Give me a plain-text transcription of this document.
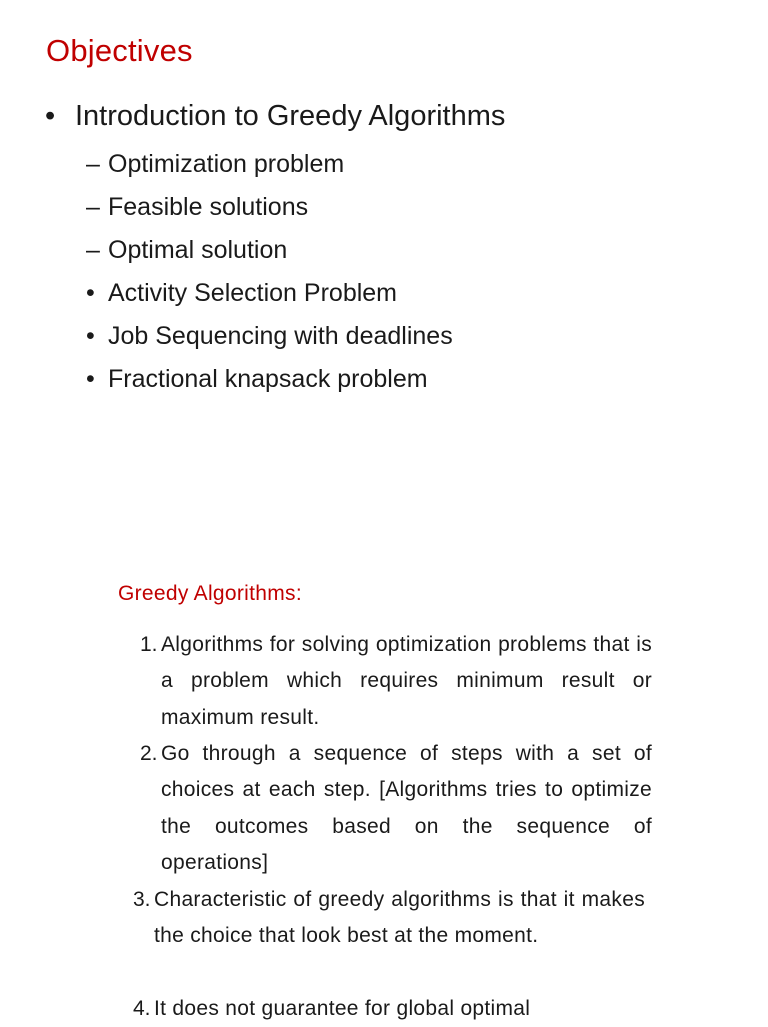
Objectives
• Introduction to Greedy Algorithms
– Optimization problem
– Feasible solutions
– Optimal solution
• Activity Selection Problem
• Job Sequencing with deadlines
• Fractional knapsack problem
Greedy Algorithms:
1. Algorithms for solving optimization problems that is a problem which requires minimum result or maximum result.
2. Go through a sequence of steps with a set of choices at each step. [Algorithms tries to optimize the outcomes based on the sequence of operations]
3. Characteristic of greedy algorithms is that it makes the choice that look best at the moment.
4. It does not guarantee for global optimal
